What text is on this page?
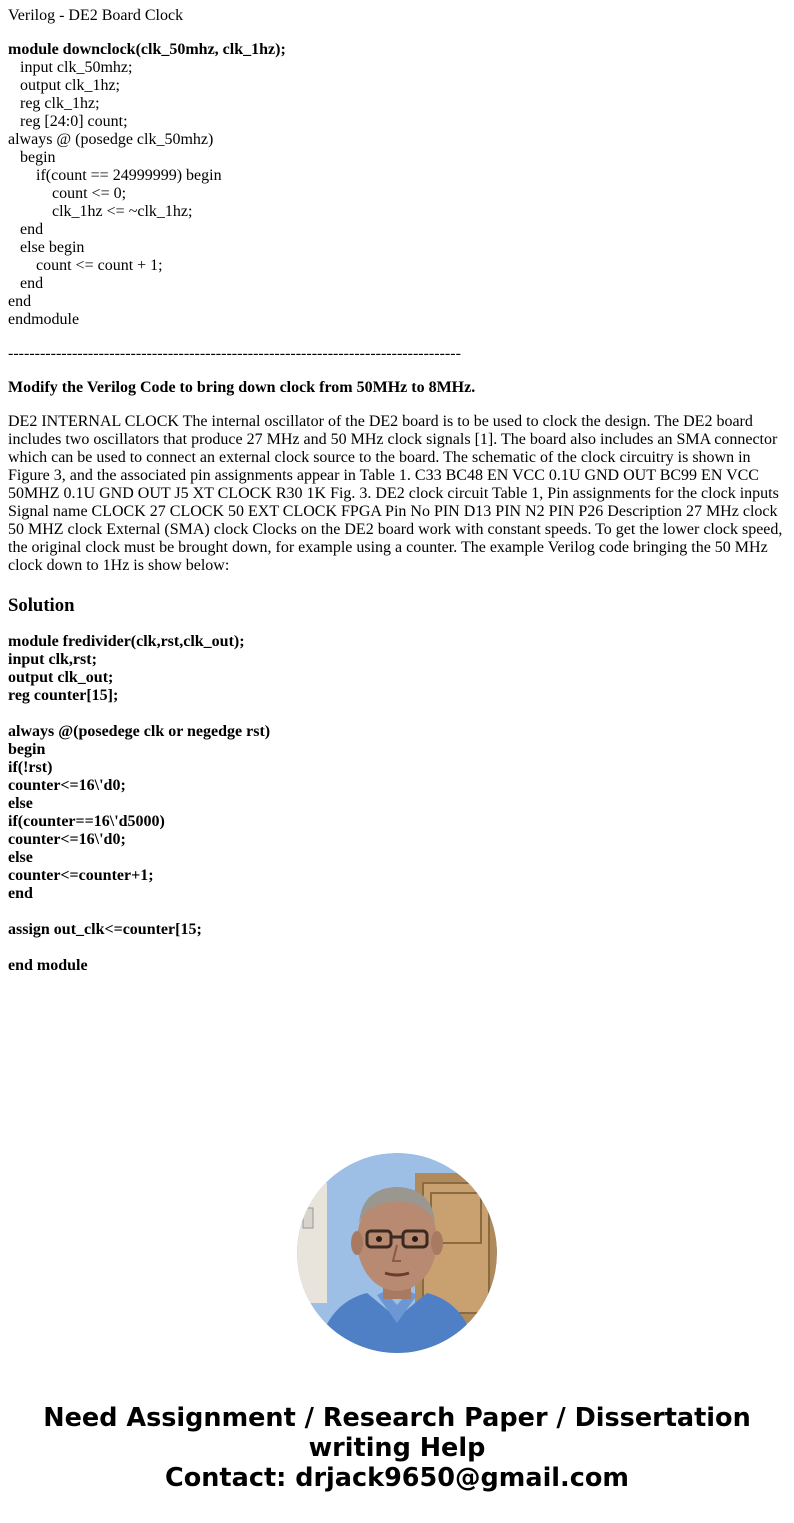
Verilog - DE2 Board Clock
module downclock(clk_50mhz, clk_1hz);
input clk_50mhz;
output clk_1hz;
reg clk_1hz;
reg [24:0] count;
always @ (posedge clk_50mhz)
begin
if(count == 24999999) begin
count <= 0;
clk_1hz <= ~clk_1hz;
end
else begin
count <= count + 1;
end
end
endmodule
-------------------------------------------------------------------------------------
Modify the Verilog Code to bring down clock from 50MHz to 8MHz.

DE2 INTERNAL CLOCK The internal oscillator of the DE2 board is to be used to clock the design. The DE2 board includes two oscillators that produce 27 MHz and 50 MHz clock signals [1]. The board also includes an SMA connector which can be used to connect an external clock source to the board. The schematic of the clock circuitry is shown in Figure 3, and the associated pin assignments appear in Table 1. C33 BC48 EN VCC 0.1U GND OUT BC99 EN VCC 50MHZ 0.1U GND OUT J5 XT CLOCK R30 1K Fig. 3. DE2 clock circuit Table 1, Pin assignments for the clock inputs Signal name CLOCK 27 CLOCK 50 EXT CLOCK FPGA Pin No PIN D13 PIN N2 PIN P26 Description 27 MHz clock 50 MHZ clock External (SMA) clock Clocks on the DE2 board work with constant speeds. To get the lower clock speed, the original clock must be brought down, for example using a counter. The example Verilog code bringing the 50 MHz clock down to 1Hz is show below:

Solution
module fredivider(clk,rst,clk_out);
input clk,rst;
output clk_out;
reg counter[15];
always @(posedege clk or negedge rst)
begin
if(!rst)
counter<=16\'d0;
else
if(counter==16\'d5000)
counter<=16\'d0;
else
counter<=counter+1;
end
assign out_clk<=counter[15;
end module
Need Assignment / Research Paper / Dissertation
writing Help
Contact: drjack9650@gmail.com
